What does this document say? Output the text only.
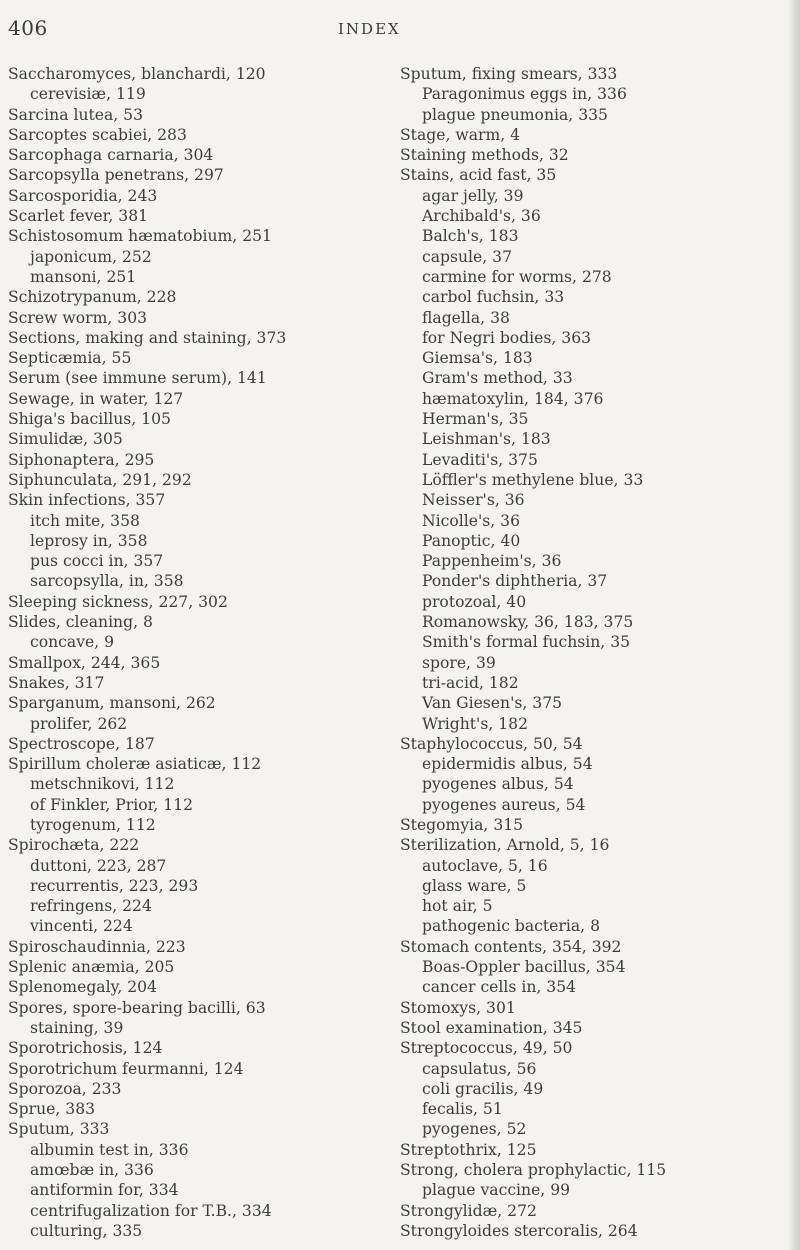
406	INDEX
Saccharomyces, blanchardi, 120
cerevisiæ, 119
Sarcina lutea, 53
Sarcoptes scabiei, 283
Sarcophaga carnaria, 304
Sarcopsylla penetrans, 297
Sarcosporidia, 243
Scarlet fever, 381
Schistosomum hæmatobium, 251
japonicum, 252
mansoni, 251
Schizotrypanum, 228
Screw worm, 303
Sections, making and staining, 373
Septicæmia, 55
Serum (see immune serum), 141
Sewage, in water, 127
Shiga's bacillus, 105
Simulidæ, 305
Siphonaptera, 295
Siphunculata, 291, 292
Skin infections, 357
itch mite, 358
leprosy in, 358
pus cocci in, 357
sarcopsylla, in, 358
Sleeping sickness, 227, 302
Slides, cleaning, 8
concave, 9
Smallpox, 244, 365
Snakes, 317
Sparganum, mansoni, 262
prolifer, 262
Spectroscope, 187
Spirillum choleræ asiaticæ, 112
metschnikovi, 112
of Finkler, Prior, 112
tyrogenum, 112
Spirochæta, 222
duttoni, 223, 287
recurrentis, 223, 293
refringens, 224
vincenti, 224
Spiroschaudinnia, 223
Splenic anæmia, 205
Splenomegaly, 204
Spores, spore-bearing bacilli, 63
staining, 39
Sporotrichosis, 124
Sporotrichum feurmanni, 124
Sporozoa, 233
Sprue, 383
Sputum, 333
albumin test in, 336
amœbæ in, 336
antiformin for, 334
centrifugalization for T.B., 334
culturing, 335
Sputum, fixing smears, 333
Paragonimus eggs in, 336
plague pneumonia, 335
Stage, warm, 4
Staining methods, 32
Stains, acid fast, 35
agar jelly, 39
Archibald's, 36
Balch's, 183
capsule, 37
carmine for worms, 278
carbol fuchsin, 33
flagella, 38
for Negri bodies, 363
Giemsa's, 183
Gram's method, 33
hæmatoxylin, 184, 376
Herman's, 35
Leishman's, 183
Levaditi's, 375
Löffler's methylene blue, 33
Neisser's, 36
Nicolle's, 36
Panoptic, 40
Pappenheim's, 36
Ponder's diphtheria, 37
protozoal, 40
Romanowsky, 36, 183, 375
Smith's formal fuchsin, 35
spore, 39
tri-acid, 182
Van Giesen's, 375
Wright's, 182
Staphylococcus, 50, 54
epidermidis albus, 54
pyogenes albus, 54
pyogenes aureus, 54
Stegomyia, 315
Sterilization, Arnold, 5, 16
autoclave, 5, 16
glass ware, 5
hot air, 5
pathogenic bacteria, 8
Stomach contents, 354, 392
Boas-Oppler bacillus, 354
cancer cells in, 354
Stomoxys, 301
Stool examination, 345
Streptococcus, 49, 50
capsulatus, 56
coli gracilis, 49
fecalis, 51
pyogenes, 52
Streptothrix, 125
Strong, cholera prophylactic, 115
plague vaccine, 99
Strongylidæ, 272
Strongyloides stercoralis, 264
